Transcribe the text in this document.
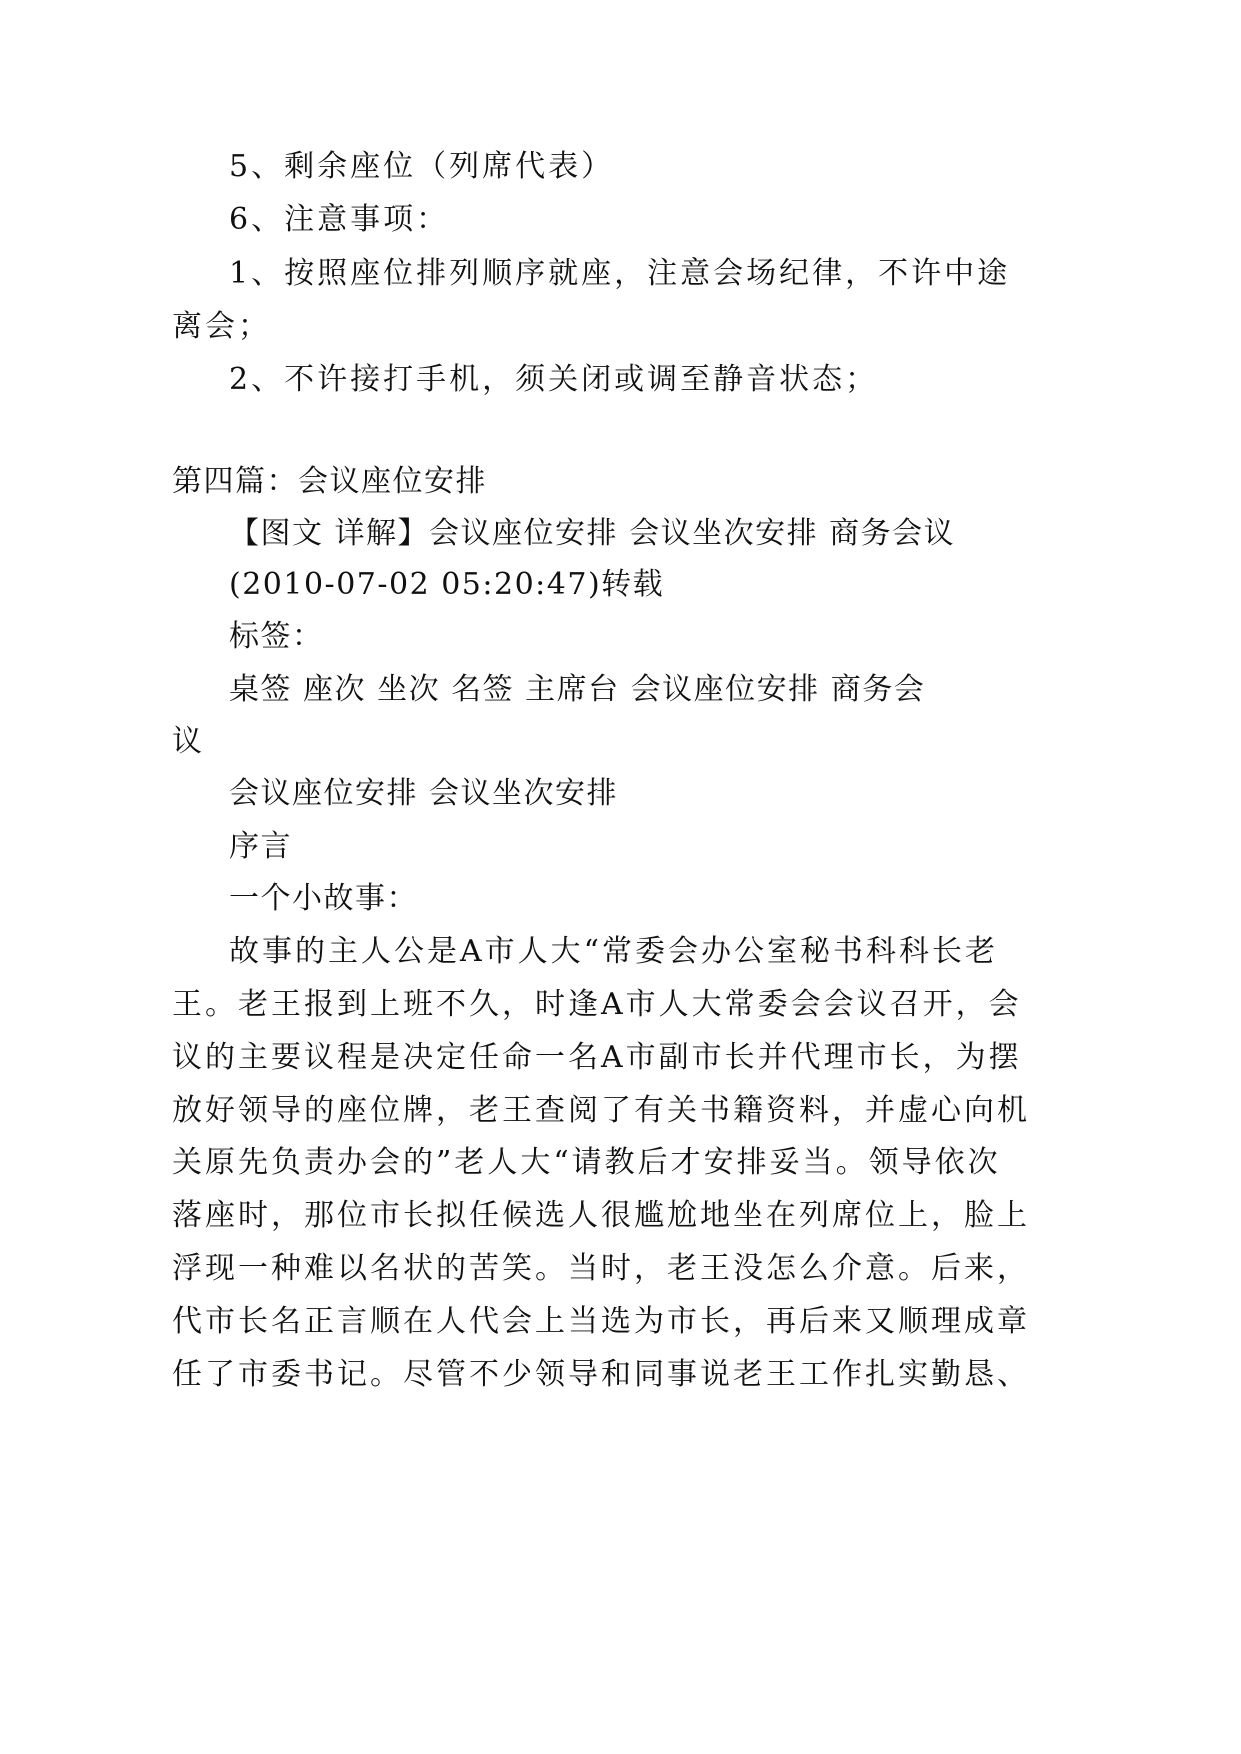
5、剩余座位（列席代表）

6、注意事项：

1、按照座位排列顺序就座，注意会场纪律，不许中途

离会；

2、不许接打手机，须关闭或调至静音状态；

第四篇：会议座位安排

【图文 详解】会议座位安排 会议坐次安排 商务会议

(2010-07-02 05:20:47)转载

标签：

桌签 座次 坐次 名签 主席台 会议座位安排 商务会

议

会议座位安排 会议坐次安排

序言

一个小故事：

故事的主人公是A市人大“常委会办公室秘书科科长老

王。老王报到上班不久，时逢A市人大常委会会议召开，会

议的主要议程是决定任命一名A市副市长并代理市长，为摆

放好领导的座位牌，老王查阅了有关书籍资料，并虚心向机

关原先负责办会的”老人大“请教后才安排妥当。领导依次

落座时，那位市长拟任候选人很尴尬地坐在列席位上，脸上

浮现一种难以名状的苦笑。当时，老王没怎么介意。后来，

代市长名正言顺在人代会上当选为市长，再后来又顺理成章

任了市委书记。尽管不少领导和同事说老王工作扎实勤恳、
